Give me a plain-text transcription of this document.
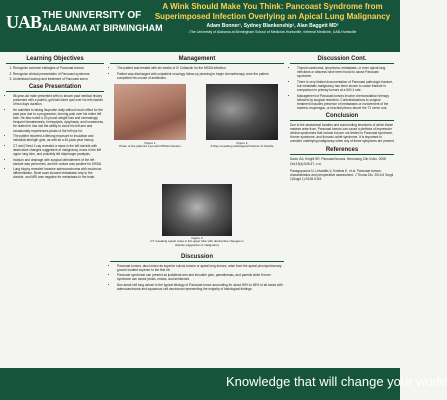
UAB THE UNIVERSITY OF
ALABAMA AT BIRMINGHAM

A Wink Should Make You Think: Pancoast Syndrome from Superimposed Infection Overlying an Apical Lung Malignancy

Adam Bonner¹, Sydney Blankenship¹, Alan Baggett MD²
¹The University of Alabama at Birmingham School of Medicine-Huntsville; ²Internal Medicine, UAB-Huntsville
Learning Objectives
1. Recognize common etiologies of Pancoast tumors
2. Recognize clinical presentation of Pancoast syndrome
3. Understand workup and treatment of Pancoast tumor
Case Presentation
• 56-year-old male presented with no known past medical history presented with a painful, golf-ball sized cyst over his left clavicle of two days duration.
• He admitted to taking ibuprofen daily without much effect for the past year due to a progressive, burning pain over his entire left side. He also noted a 20-pound weight loss and increasingly frequent hematemesis, hemoptysis, dysphasia, and hoarseness. He stated he has lost the ability to move his left arm and occasionally experiences ptosis of the left eye lid.
• The patient reported a lifelong exposure to insulation and industrial-strength glue, as well as a 40-pack-year history.
• CT and Chest X-ray revealed a mass in the left clavicle with destructive changes suggestive of malignancy, mass in the left upper lung lobe, and probably left diaphragm paralysis.
• Incision and drainage with surgical debridement of the left clavicle was performed, and the culture was positive for MSSA.
• Lung biopsy revealed invasive adenocarcinoma with mucinous differentiation. Bone scan showed metastasis only to the clavicle, and MRI was negative for metastasis to the brain.
Management
• The patient was treated with six weeks of IV Cefazolin for the MSSA infection
• Patient was discharged with outpatient oncology follow-up planning to begin chemotherapy once the patient completed his course of antibiotics.
Figure 1
Photo of the patient's cyst with MSSA infection
Figure 2
X-Ray revealing pathological fracture of clavicle
Figure 3
CT revealing apical mass in left upper lobe with destructive changes in clavicle suggestive of malignancy
Discussion
• Pancoast tumors, also known as superior sulcus tumors or apical lung tumors, arise from the apical pleuropulmonary groove located superior to the first rib.
• Pancoast syndrome can present as ipsilateral arm and shoulder pain, paresthesias, and paresis while Horner syndrome can cause ptosis, miosis, and anhidrosis.
• Non-small cell lung cancer is the typical etiology of Pancoast tumor accounting for about 80% to 85% of all cases with adenocarcinoma and squamous cell carcinoma representing the majority of histological findings.
Discussion Cont.
• Thyroid carcinoma, lymphoma, metastasis, or even apical lung infections or abscess have been found to cause Pancoast syndrome.
• There is very limited documentation of Pancoast pathologic fracture, but metastatic malignancy has been shown to cause fracture in comparison to primary tumors at a 500:1 rate.
• Management of Pancoast tumors involve chemoradiation therapy followed by surgical resection. Contraindications to surgical treatment includes presence of metastases or involvement of the trachea, esophagus, or brachial plexus above the T1 nerve root.
Conclusion

Due to the anatomical location and surrounding structures of which these masses arise from, Pancoast tumors can cause a plethora of impressive clinical syndromes that include but are not limited to Pancoast syndrome, Horner syndrome, and thoracic outlet syndrome. It is important to consider underlying malignancy when any of these symptoms are present

References

Davis GA, Knight SR. Pancoast tumors. Neurosurg Clin N Am. 2008 Oct;19(4):545-57, v-vi.

Panagopoulos N, Leivaditis V, Koletsis E, et al. Pancoast tumors: characteristics and preoperative assessment. J Thorac Dis. 2014;6 Suppl 1(Suppl 1):S108-S115.

Knowledge that will change your world
